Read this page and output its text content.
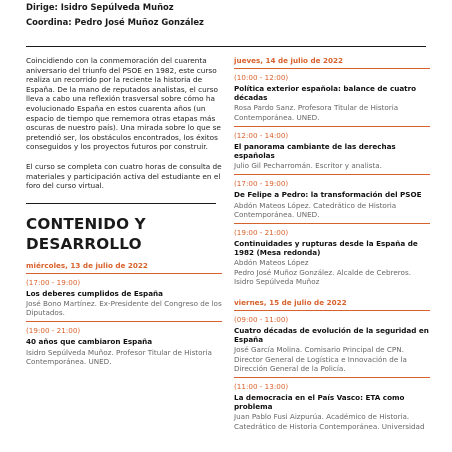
Dirige: Isidro Sepúlveda Muñoz
Coordina: Pedro José Muñoz González

Coincidiendo con la conmemoración del cuarenta aniversario del triunfo del PSOE en 1982, este curso realiza un recorrido por la reciente la historia de España. De la mano de reputados analistas, el curso lleva a cabo una reflexión trasversal sobre cómo ha evolucionado España en estos cuarenta años (un espacio de tiempo que rememora otras etapas más oscuras de nuestro país). Una mirada sobre lo que se pretendió ser, los obstáculos encontrados, los éxitos conseguidos y los proyectos futuros por construir.

El curso se completa con cuatro horas de consulta de materiales y participación activa del estudiante en el foro del curso virtual.

CONTENIDO Y
DESARROLLO
miércoles, 13 de julio de 2022
(17:00 - 19:00)
Los deberes cumplidos de España
José Bono Martínez. Ex-Presidente del Congreso de los Diputados.
(19:00 - 21:00)
40 años que cambiaron España
Isidro Sepúlveda Muñoz. Profesor Titular de Historia Contemporánea. UNED.
jueves, 14 de julio de 2022
(10:00 - 12:00)
Política exterior española: balance de cuatro décadas
Rosa Pardo Sanz. Profesora Titular de Historia Contemporánea. UNED.
(12:00 - 14:00)
El panorama cambiante de las derechas españolas
Julio Gil Pecharromán. Escritor y analista.
(17:00 - 19:00)
De Felipe a Pedro: la transformación del PSOE
Abdón Mateos López. Catedrático de Historia Contemporánea. UNED.
(19:00 - 21:00)
Continuidades y rupturas desde la España de 1982 (Mesa redonda)
Abdón Mateos López
Pedro José Muñoz González. Alcalde de Cebreros.
Isidro Sepúlveda Muñoz
viernes, 15 de julio de 2022
(09:00 - 11:00)
Cuatro décadas de evolución de la seguridad en España
José García Molina. Comisario Principal de CPN. Director General de Logística e Innovación de la Dirección General de la Policía.
(11:00 - 13:00)
La democracia en el País Vasco: ETA como problema
Juan Pablo Fusi Aizpurúa. Académico de Historia. Catedrático de Historia Contemporánea. Universidad
